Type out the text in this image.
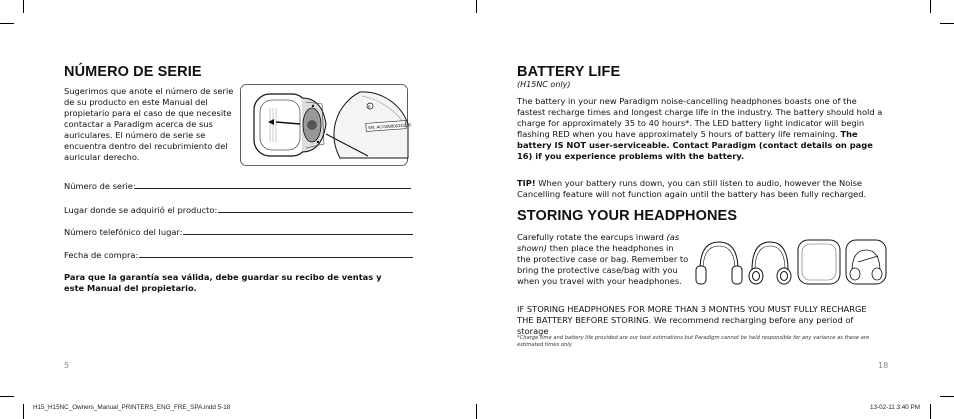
NÚMERO DE SERIE
Sugerimos que anote el número de serie de su producto en este Manual del propietario para el caso de que necesite contactar a Paradigm acerca de sus auriculares. El número de serie se encuentra dentro del recubrimiento del auricular derecho.
R
SN: ACG090001D235
Número de serie:
Lugar donde se adquirió el producto:
Número telefónico del lugar:
Fecha de compra:
Para que la garantía sea válida, debe guardar su recibo de ventas y este Manual del propietario.
5
BATTERY LIFE
(H15NC only)
The battery in your new Paradigm noise-cancelling headphones boasts one of the fastest recharge times and longest charge life in the industry. The battery should hold a charge for approximately 35 to 40 hours*. The LED battery light indicator will begin flashing RED when you have approximately 5 hours of battery life remaining. The battery IS NOT user-serviceable. Contact Paradigm (contact details on page 16) if you experience problems with the battery.
TIP! When your battery runs down, you can still listen to audio, however the Noise Cancelling feature will not function again until the battery has been fully recharged.
STORING YOUR HEADPHONES
Carefully rotate the earcups inward (as shown) then place the headphones in the protective case or bag. Remember to bring the protective case/bag with you when you travel with your headphones.
IF STORING HEADPHONES FOR MORE THAN 3 MONTHS YOU MUST FULLY RECHARGE THE BATTERY BEFORE STORING. We recommend recharging before any period of storage
*Charge time and battery life provided are our best estimations but Paradigm cannot be held responsible for any variance as these are estimated times only.
18
H15_H15NC_Owners_Manual_PRINTERS_ENG_FRE_SPA.indd 5-18	13-02-11 3:40 PM
